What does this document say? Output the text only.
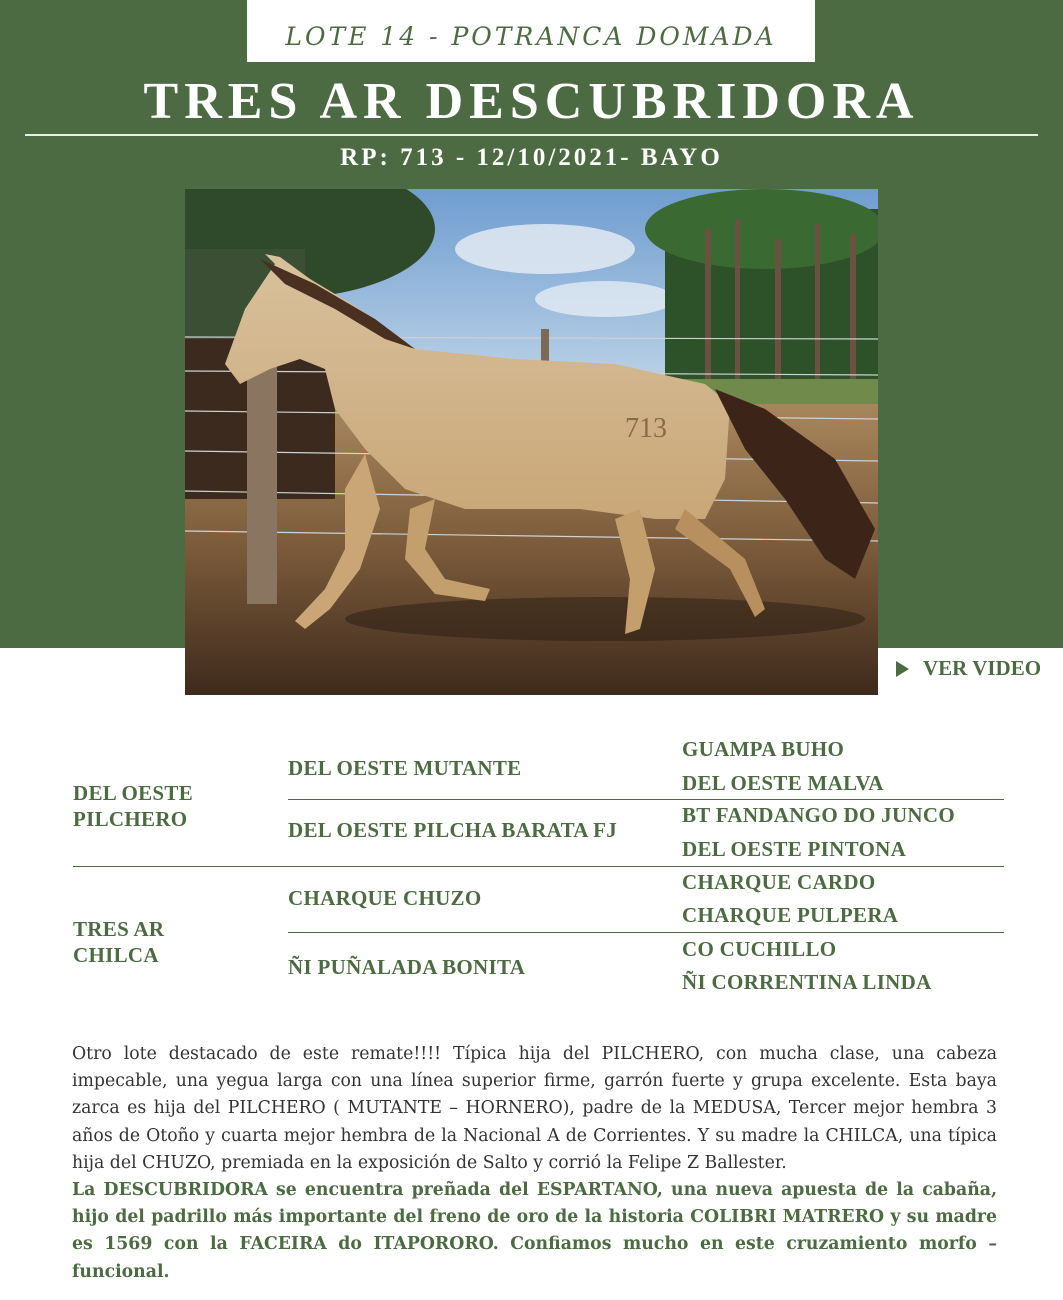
LOTE 14 - POTRANCA DOMADA
TRES AR DESCUBRIDORA
RP: 713 - 12/10/2021- BAYO
713
VER VIDEO
DEL OESTE PILCHERO
TRES AR CHILCA
DEL OESTE MUTANTE
DEL OESTE PILCHA BARATA FJ
CHARQUE CHUZO
ÑI PUÑALADA BONITA
GUAMPA BUHO
DEL OESTE MALVA
BT FANDANGO DO JUNCO
DEL OESTE PINTONA
CHARQUE CARDO
CHARQUE PULPERA
CO CUCHILLO
ÑI CORRENTINA LINDA
Otro lote destacado de este remate!!!! Típica hija del PILCHERO, con mucha clase, una cabeza impecable, una yegua larga con una línea superior firme, garrón fuerte y grupa excelente. Esta baya zarca es hija del PILCHERO ( MUTANTE – HORNERO), padre de la MEDUSA, Tercer mejor hembra 3 años de Otoño y cuarta mejor hembra de la Nacional A de Corrientes. Y su madre la CHILCA, una típica hija del CHUZO, premiada en la exposición de Salto y corrió la Felipe Z Ballester.
La DESCUBRIDORA se encuentra preñada del ESPARTANO, una nueva apuesta de la cabaña, hijo del padrillo más importante del freno de oro de la historia COLIBRI MATRERO y su madre es 1569 con la FACEIRA do ITAPORORO. Confiamos mucho en este cruzamiento morfo – funcional.
